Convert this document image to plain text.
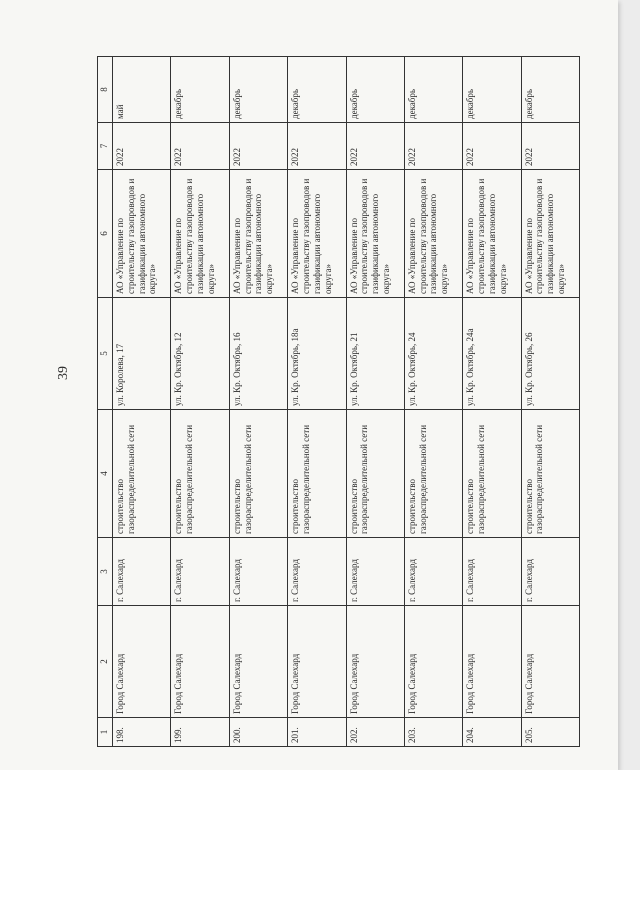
39
1	2	3	4	5	6	7	8
198.	Город Салехард	г. Салехард	строительство газораспределительной сети	ул. Королева, 17	АО «Управление по строительству газопроводов и газификации автономного округа»	2022	май
199.	Город Салехард	г. Салехард	строительство газораспределительной сети	ул. Кр. Октябрь, 12	АО «Управление по строительству газопроводов и газификации автономного округа»	2022	декабрь
200.	Город Салехард	г. Салехард	строительство газораспределительной сети	ул. Кр. Октябрь, 16	АО «Управление по строительству газопроводов и газификации автономного округа»	2022	декабрь
201.	Город Салехард	г. Салехард	строительство газораспределительной сети	ул. Кр. Октябрь, 18а	АО «Управление по строительству газопроводов и газификации автономного округа»	2022	декабрь
202.	Город Салехард	г. Салехард	строительство газораспределительной сети	ул. Кр. Октябрь, 21	АО «Управление по строительству газопроводов и газификации автономного округа»	2022	декабрь
203.	Город Салехард	г. Салехард	строительство газораспределительной сети	ул. Кр. Октябрь, 24	АО «Управление по строительству газопроводов и газификации автономного округа»	2022	декабрь
204.	Город Салехард	г. Салехард	строительство газораспределительной сети	ул. Кр. Октябрь, 24а	АО «Управление по строительству газопроводов и газификации автономного округа»	2022	декабрь
205.	Город Салехард	г. Салехард	строительство газораспределительной сети	ул. Кр. Октябрь, 26	АО «Управление по строительству газопроводов и газификации автономного округа»	2022	декабрь
